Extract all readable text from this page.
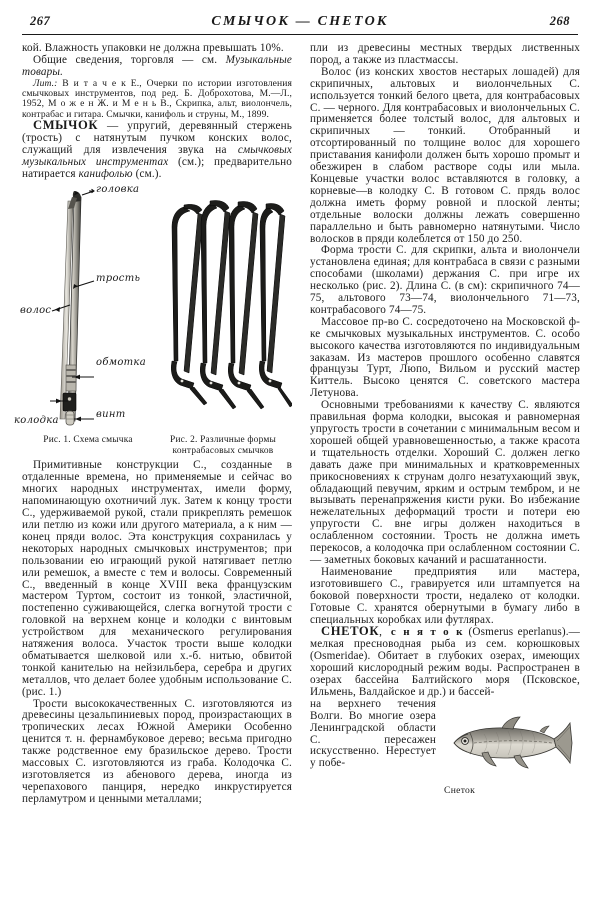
267	СМЫЧОК — СНЕТОК	268

кой. Влажность упаковки не должна превышать 10%.

Общие сведения, торговля — см. Музыкальные товары.

Лит.: В и т а ч е к Е., Очерки по истории изготовления смычковых инструментов, под ред. Б. Доброхотова, М.—Л., 1952, М о ж е н Ж. и М е н ь В., Скрипка, альт, виолончель, контрабас и гитара. Смычки, канифоль и струны, М., 1899.

СМЫЧОК — упругий, деревянный стержень (трость) с натянутым пучком конских волос, служащий для извлечения звука на смычковых музыкальных инструментах (см.); предварительно натирается канифолью (см.).

головка
трость
волос
обмотка
винт
колодка
Рис. 1. Схема смычка	Рис. 2. Различные формы контрабасовых смычков

Примитивные конструкции С., созданные в отдаленные времена, но применяемые и сейчас во многих народных инструментах, имели форму, напоминающую охотничий лук. Затем к концу трости С., удерживаемой рукой, стали прикреплять ремешок или петлю из кожи или другого материала, а к ним — конец пряди волос. Эта конструкция сохранилась у некоторых народных смычковых инструментов; при пользовании ею играющий рукой натягивает петлю или ремешок, а вместе с тем и волосы. Современный С., введенный в конце XVIII века французским мастером Туртом, состоит из тонкой, эластичной, постепенно суживающейся, слегка вогнутой трости с головкой на верхнем конце и колодки с винтовым устройством для механического регулирования натяжения волоса. Участок трости выше колодки обматывается шелковой или х.-б. нитью, обвитой тонкой канителью на нейзильбера, серебра и других металлов, что делает более удобным использование С. (рис. 1.)

Трости высококачественных С. изготовляются из древесины цезальпиниевых пород, произрастающих в тропических лесах Южной Америки Особенно ценится т. н. фернамбуковое дерево; весьма пригодно также родственное ему бразильское дерево. Трости массовых С. изготовляются из граба. Колодочка С. изготовляется из абенового дерева, иногда из черепахового панциря, нередко инкрустируется перламутром и ценными металлами;

пли из древесины местных твердых лиственных пород, а также из пластмассы.

Волос (из конских хвостов нестарых лошадей) для скрипичных, альтовых и виолончельных С. используется тонкий белого цвета, для контрабасовых С. — черного. Для контрабасовых и виолончельных С. применяется более толстый волос, для альтовых и скрипичных — тонкий. Отобранный и отсортированный по толщине волос для хорошего приставания канифоли должен быть хорошо промыт и обезжирен в слабом растворе соды или мыла. Концевые участки волос вставляются в головку, а корневые—в колодку С. В готовом С. прядь волос должна иметь форму ровной и плоской ленты; отдельные волоски должны лежать совершенно параллельно и быть равномерно натянутыми. Число волосков в пряди колеблется от 150 до 250.

Форма трости С. для скрипки, альта и виолончели установлена единая; для контрабаса в связи с разными способами (школами) держания С. при игре их несколько (рис. 2). Длина С. (в см): скрипичного 74—75, альтового 73—74, виолончельного 71—73, контрабасового 74—75.

Массовое пр-во С. сосредоточено на Московской ф-ке смычковых музыкальных инструментов. С. особо высокого качества изготовляются по индивидуальным заказам. Из мастеров прошлого особенно славятся французы Турт, Люпо, Вильом и русский мастер Киттель. Высоко ценятся С. советского мастера Летунова.

Основными требованиями к качеству С. являются правильная форма колодки, высокая и равномерная упругость трости в сочетании с минимальным весом и хорошей общей уравновешенностью, а также красота и тщательность отделки. Хороший С. должен легко давать даже при минимальных и кратковременных прикосновениях к струнам долго незатухающий звук, обладающий певучим, ярким и острым тембром, и не вызывать перенапряжения кисти руки. Во избежание нежелательных деформаций трости и потери ею упругости С. вне игры должен находиться в ослабленном состоянии. Трость не должна иметь перекосов, а колодочка при ослабленном состоянии С. — заметных боковых качаний и расшатанности.

Наименование предприятия или мастера, изготовившего С., гравируется или штампуется на боковой поверхности трости, недалеко от колодки. Готовые С. хранятся обернутыми в бумагу либо в специальных коробках или футлярах.

СНЕТОК,  с н я т о к (Osmerus eperlanus).—мелкая пресноводная рыба из сем. корюшковых (Osmeridae). Обитает в глубоких озерах, имеющих хороший кислородный режим воды. Распространен в озерах бассейна Балтийского моря (Псковское, Ильмень, Валдайское и др.) и бассей-

на верхнего течения Волги. Во многие озера Ленинградской области С. пересажен искусственно. Нерестует у побе-

Снеток
